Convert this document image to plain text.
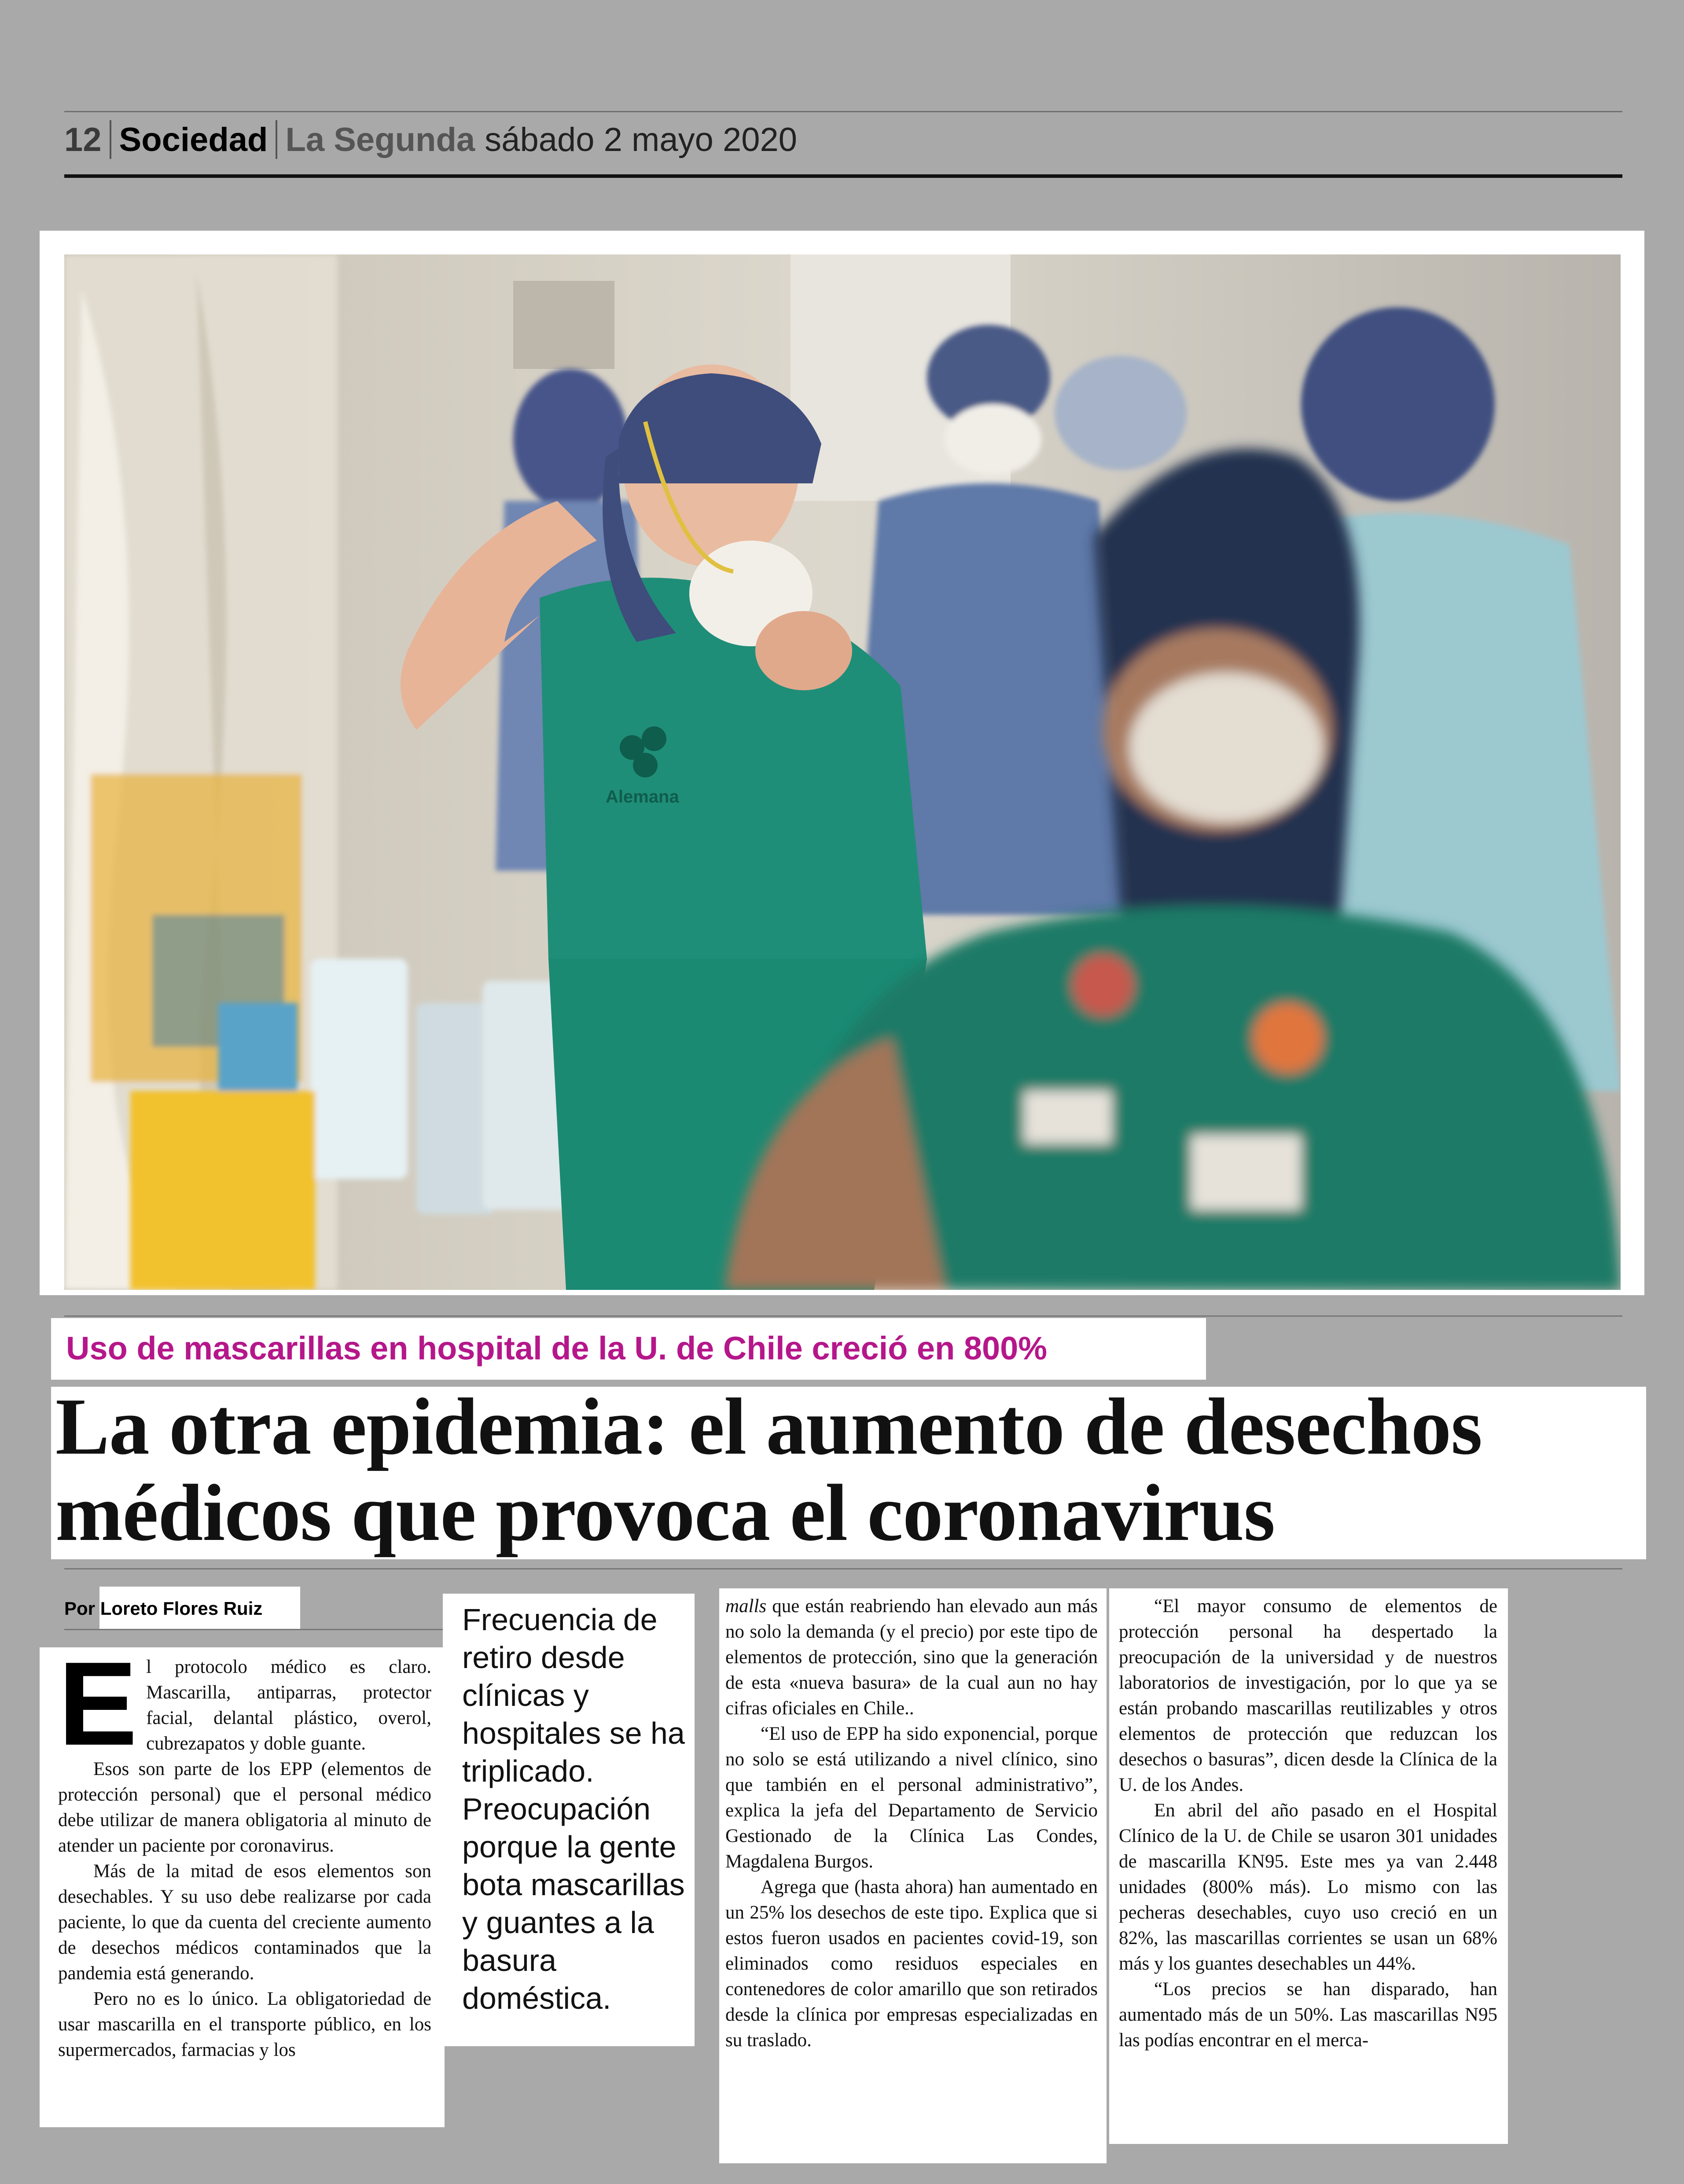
12 Sociedad La Segunda sábado 2 mayo 2020
Alemana
Uso de mascarillas en hospital de la U. de Chile creció en 800%
La otra epidemia: el aumento de desechos
médicos que provoca el coronavirus
Por Loreto Flores Ruiz

El protocolo médico es claro. Mascarilla, antiparras, protector facial, delantal plástico, overol, cubrezapatos y doble guante.

Esos son parte de los EPP (elementos de protección personal) que el personal médico debe utilizar de manera obligatoria al minuto de atender un paciente por coronavirus.

Más de la mitad de esos elementos son desechables. Y su uso debe realizarse por cada paciente, lo que da cuenta del creciente aumento de desechos médicos contaminados que la pandemia está generando.

Pero no es lo único. La obligatoriedad de usar mascarilla en el transporte público, en los supermercados, farmacias y los

Frecuencia de retiro desde clínicas y hospitales se ha triplicado. Preocupación porque la gente bota mascarillas y guantes a la basura doméstica.

malls que están reabriendo han elevado aun más no solo la demanda (y el precio) por este tipo de elementos de protección, sino que la generación de esta «nueva basura» de la cual aun no hay cifras oficiales en Chile..

“El uso de EPP ha sido exponencial, porque no solo se está utilizando a nivel clínico, sino que también en el personal administrativo”, explica la jefa del Departamento de Servicio Gestionado de la Clínica Las Condes, Magdalena Burgos.

Agrega que (hasta ahora) han aumentado en un 25% los desechos de este tipo. Explica que si estos fueron usados en pacientes covid-19, son eliminados como residuos especiales en contenedores de color amarillo que son retirados desde la clínica por empresas especializadas en su traslado.

“El mayor consumo de elementos de protección personal ha despertado la preocupación de la universidad y de nuestros laboratorios de investigación, por lo que ya se están probando mascarillas reutilizables y otros elementos de protección que reduzcan los desechos o basuras”, dicen desde la Clínica de la U. de los Andes.

En abril del año pasado en el Hospital Clínico de la U. de Chile se usaron 301 unidades de mascarilla KN95. Este mes ya van 2.448 unidades (800% más). Lo mismo con las pecheras desechables, cuyo uso creció en un 82%, las mascarillas corrientes se usan un 68% más y los guantes desechables un 44%.

“Los precios se han disparado, han aumentado más de un 50%. Las mascarillas N95 las podías encontrar en el merca-
